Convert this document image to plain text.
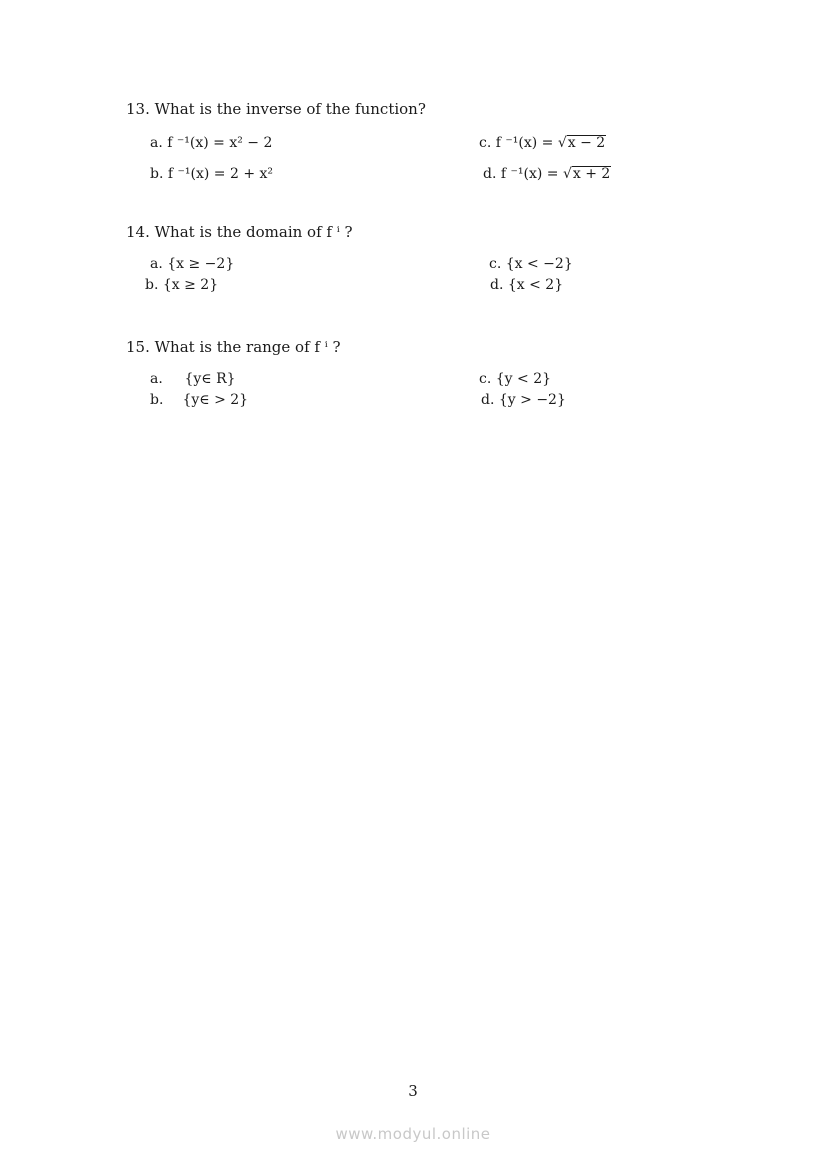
13. What is the inverse of the function?
a. f ⁻¹(x) = x² − 2
b. f ⁻¹(x) = 2 + x²
c. f ⁻¹(x) = √x − 2
d. f ⁻¹(x) = √x + 2
14. What is the domain of f ⁱ ?
a. {x ≥ −2}
b. {x ≥ 2}
c. {x < −2}
d. {x < 2}
15. What is the range of f ⁱ ?
a. {y∈ R}
b. {y∈ > 2}
c. {y < 2}
d. {y > −2}
3
www.modyul.online
